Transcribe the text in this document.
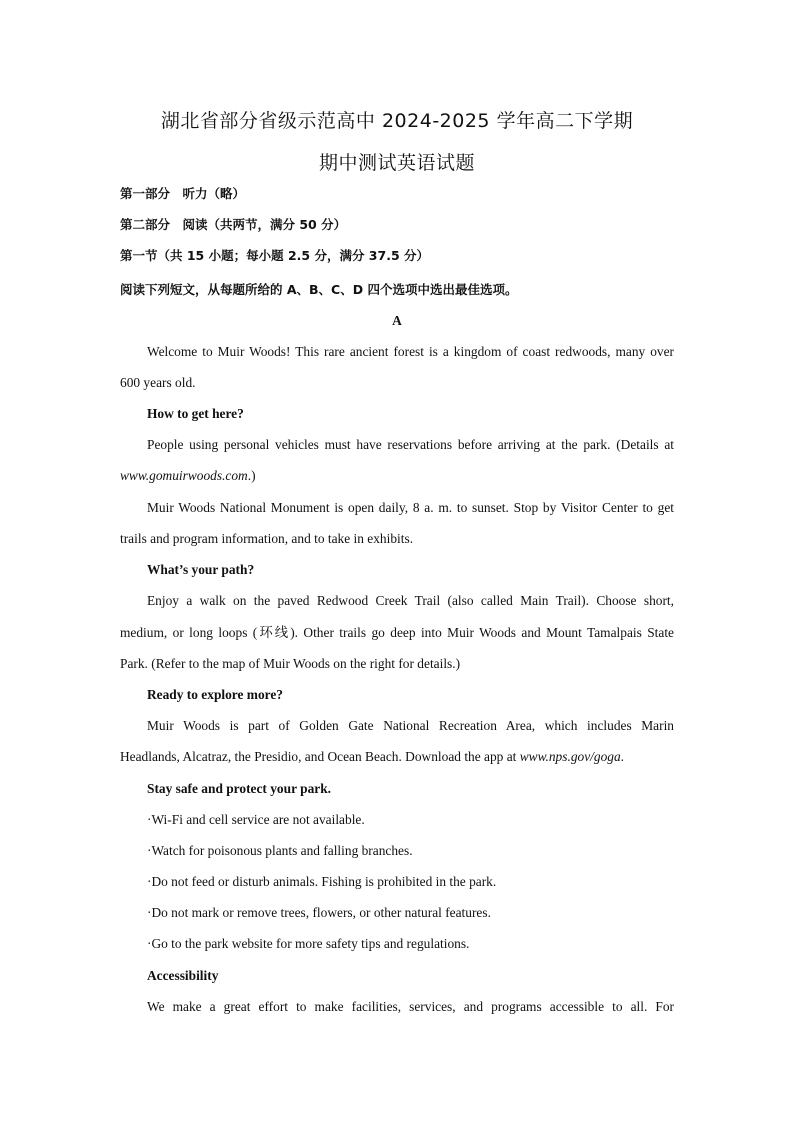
湖北省部分省级示范高中 2024-2025 学年高二下学期
期中测试英语试题
第一部分　听力（略）
第二部分　阅读（共两节，满分 50 分）
第一节（共 15 小题；每小题 2.5 分，满分 37.5 分）
阅读下列短文，从每题所给的 A、B、C、D 四个选项中选出最佳选项。
A
Welcome to Muir Woods! This rare ancient forest is a kingdom of coast redwoods, many over
600 years old.
How to get here?
People using personal vehicles must have reservations before arriving at the park. (Details at
www.gomuirwoods.com.)
Muir Woods National Monument is open daily, 8 a. m. to sunset. Stop by Visitor Center to get
trails and program information, and to take in exhibits.
What’s your path?
Enjoy a walk on the paved Redwood Creek Trail (also called Main Trail). Choose short,
medium, or long loops (环线). Other trails go deep into Muir Woods and Mount Tamalpais State
Park. (Refer to the map of Muir Woods on the right for details.)
Ready to explore more?
Muir Woods is part of Golden Gate National Recreation Area, which includes Marin
Headlands, Alcatraz, the Presidio, and Ocean Beach. Download the app at www.nps.gov/goga.
Stay safe and protect your park.
·Wi-Fi and cell service are not available.
·Watch for poisonous plants and falling branches.
·Do not feed or disturb animals. Fishing is prohibited in the park.
·Do not mark or remove trees, flowers, or other natural features.
·Go to the park website for more safety tips and regulations.
Accessibility
We make a great effort to make facilities, services, and programs accessible to all. For
